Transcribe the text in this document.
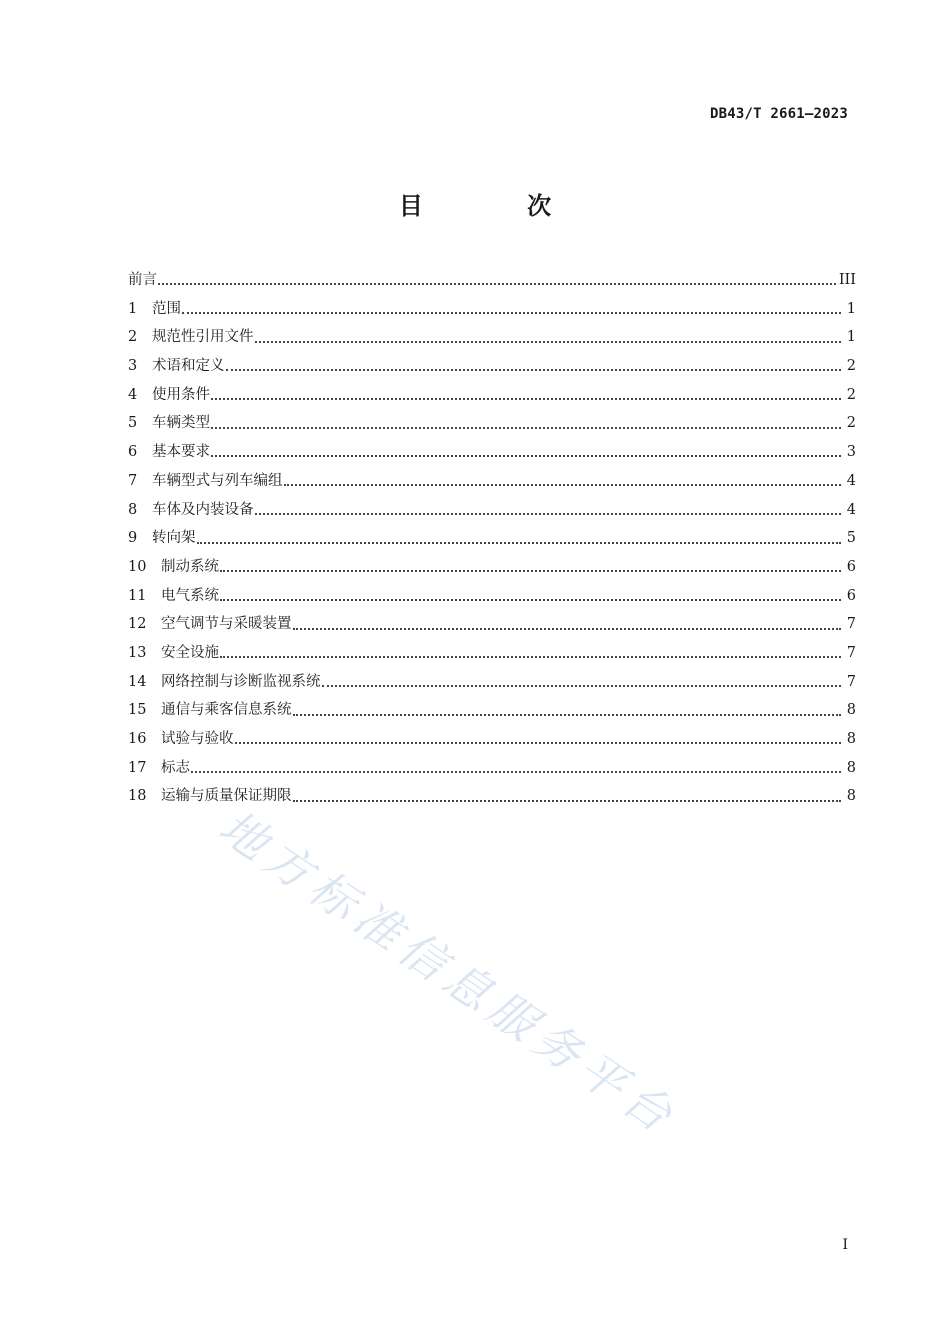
DB43/T 2661—2023
目 次
前言	III
1	范围	1
2	规范性引用文件	1
3	术语和定义	2
4	使用条件	2
5	车辆类型	2
6	基本要求	3
7	车辆型式与列车编组	4
8	车体及内装设备	4
9	转向架	5
10	制动系统	6
11	电气系统	6
12	空气调节与采暖装置	7
13	安全设施	7
14	网络控制与诊断监视系统	7
15	通信与乘客信息系统	8
16	试验与验收	8
17	标志	8
18	运输与质量保证期限	8
地方标准信息服务平台
I
